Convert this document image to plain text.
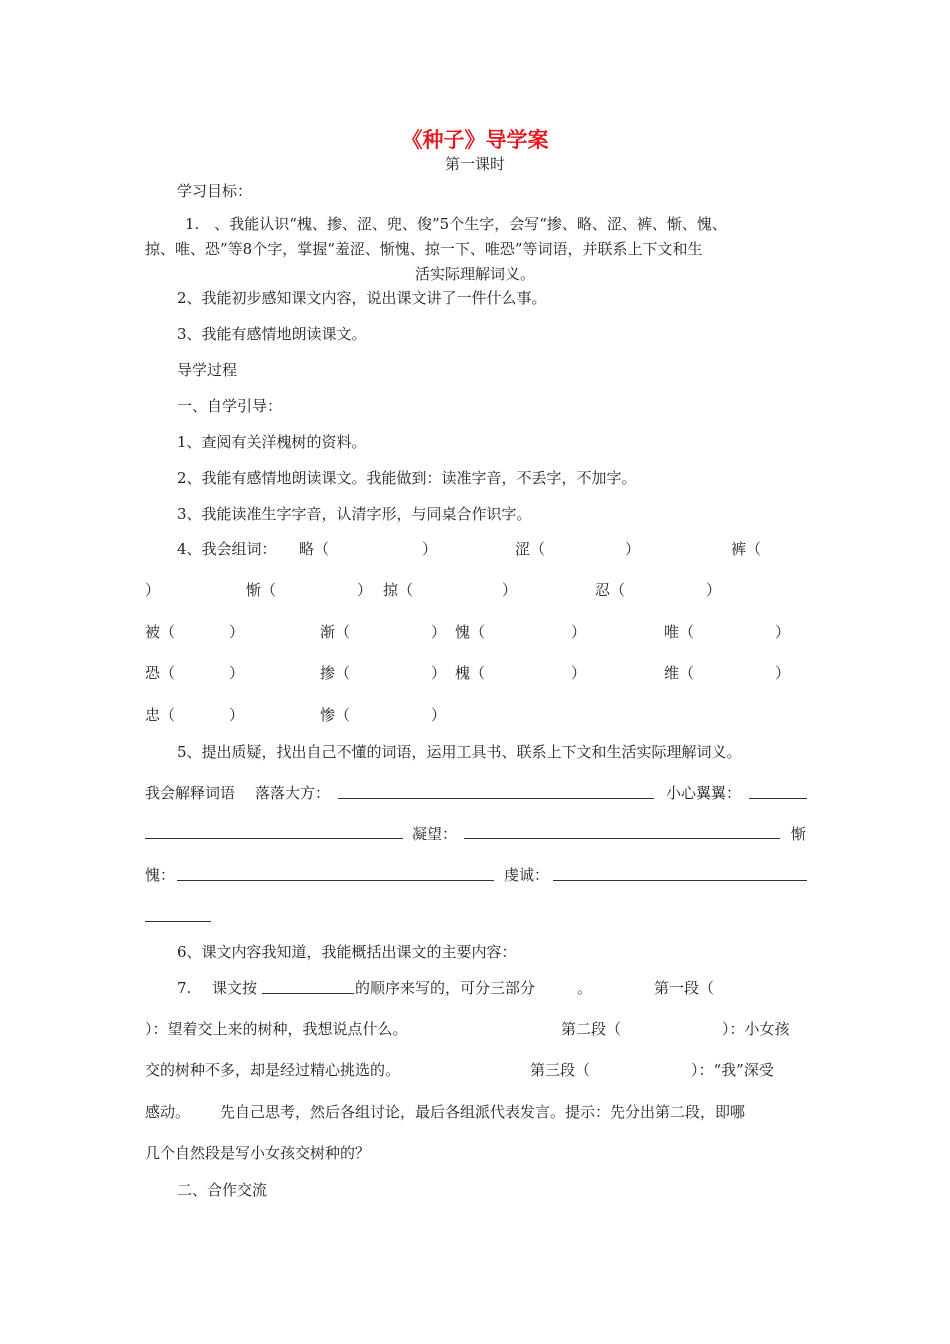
《种子》导学案
第一课时
学习目标：
1.　、我能认识“槐、掺、涩、兜、俊”5个生字，会写“掺、略、涩、裤、惭、愧、
掠、唯、恐”等8个字，掌握“羞涩、惭愧、掠一下、唯恐”等词语，并联系上下文和生
活实际理解词义。
2、我能初步感知课文内容，说出课文讲了一件什么事。
3、我能有感情地朗读课文。
导学过程
一、自学引导：
1、查阅有关洋槐树的资料。
2、我能有感情地朗读课文。我能做到：读准字音，不丢字，不加字。
3、我能读准生字字音，认清字形，与同桌合作识字。
4、我会组词： 略（	）	涩（	）	裤（
）	惭（	） 掠（	）	忍（	）
被（	）	渐（	） 愧（	）	唯（	）
恐（	）	掺（	） 槐（	）	维（	）
忠（	）	惨（	）
5、提出质疑，找出自己不懂的词语，运用工具书、联系上下文和生活实际理解词义。
我会解释词语 落落大方：	小心翼翼：
凝望：	惭
愧：	虔诚：
6、课文内容我知道，我能概括出课文的主要内容：
7. 课文按	的顺序来写的，可分三部分	。	第一段（
）：望着交上来的树种，我想说点什么。	第二段（	）：小女孩
交的树种不多，却是经过精心挑选的。	第三段（	）：“我”深受
感动。 先自己思考，然后各组讨论，最后各组派代表发言。提示：先分出第二段，即哪
几个自然段是写小女孩交树种的？
二、合作交流
